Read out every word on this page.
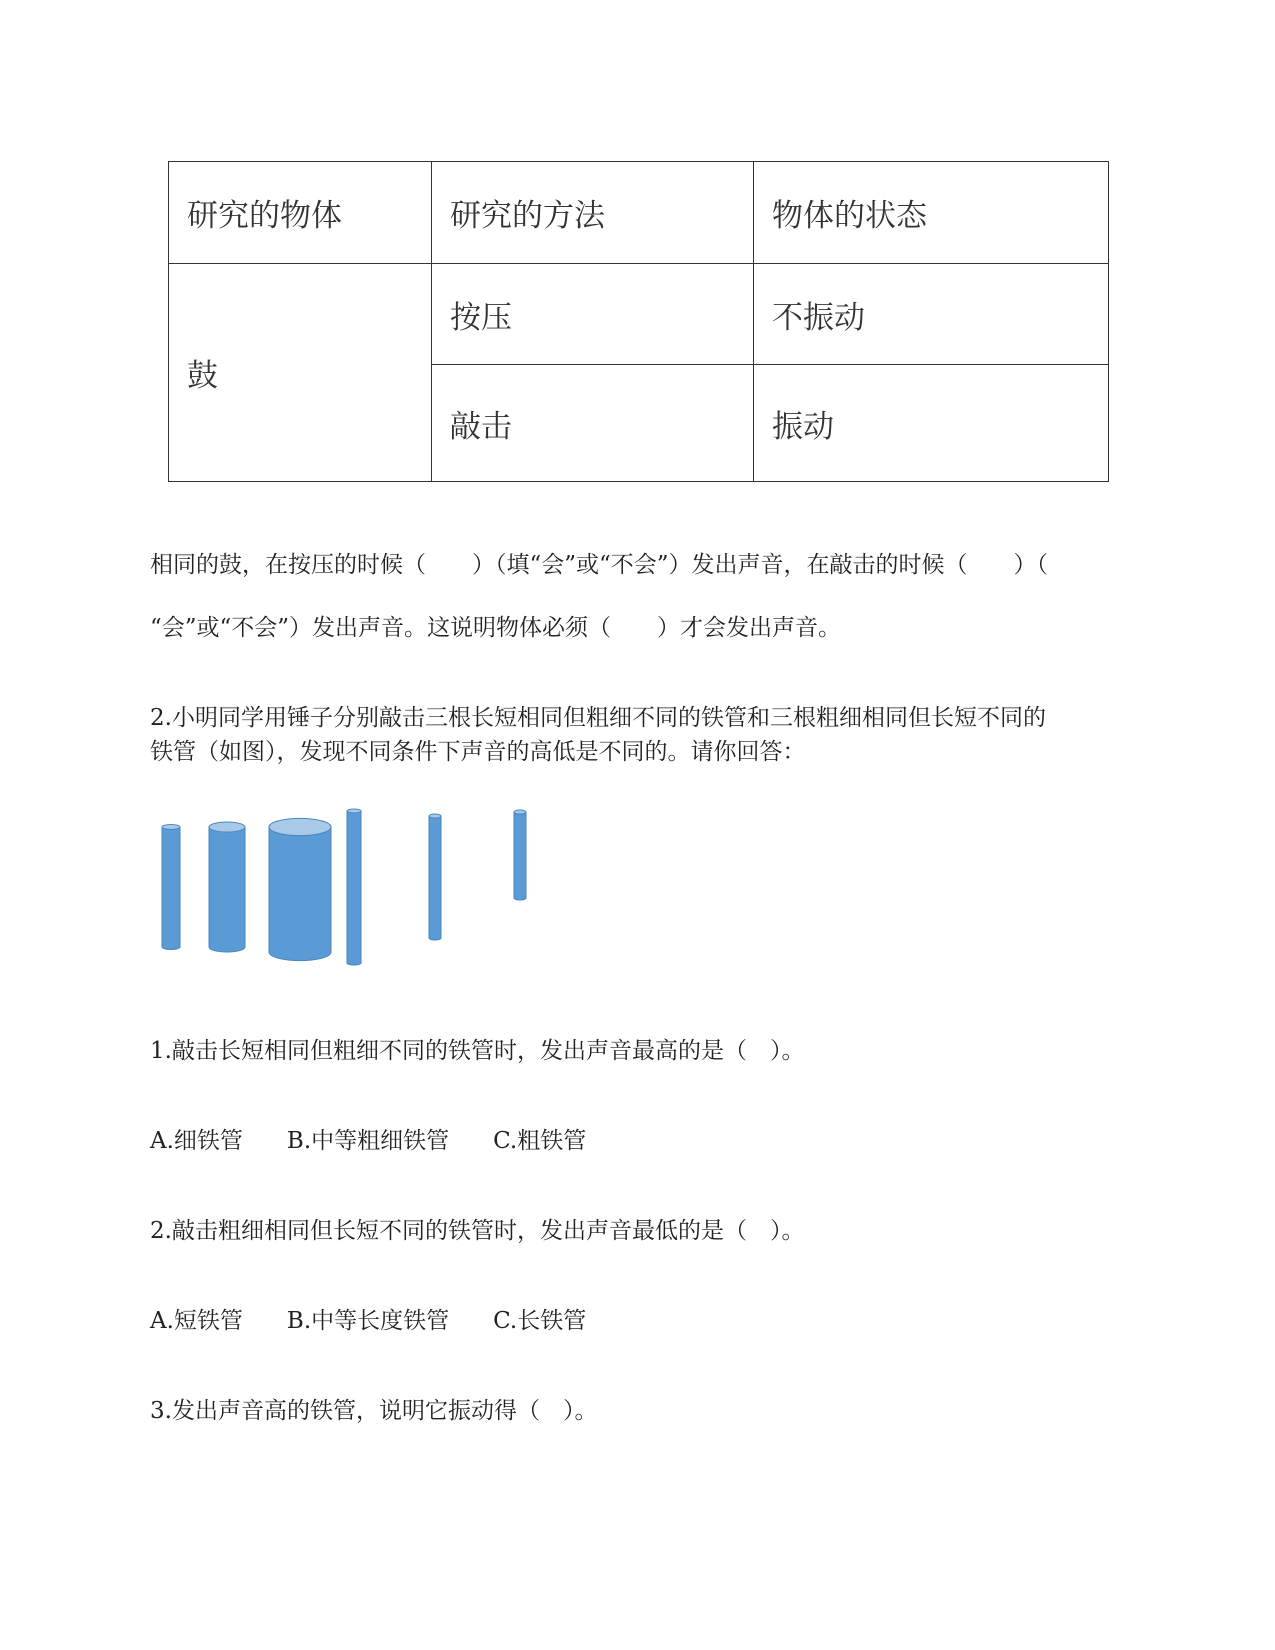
研究的物体	研究的方法	物体的状态
鼓	按压	不振动
	敲击	振动
相同的鼓，在按压的时候（　　）（填“会”或“不会”）发出声音，在敲击的时候（　　）（
“会”或“不会”）发出声音。这说明物体必须（　　）才会发出声音。
2.小明同学用锤子分别敲击三根长短相同但粗细不同的铁管和三根粗细相同但长短不同的
铁管（如图），发现不同条件下声音的高低是不同的。请你回答：
1.敲击长短相同但粗细不同的铁管时，发出声音最高的是（　）。
A.细铁管 B.中等粗细铁管 C.粗铁管
2.敲击粗细相同但长短不同的铁管时，发出声音最低的是（　）。
A.短铁管 B.中等长度铁管 C.长铁管
3.发出声音高的铁管，说明它振动得（　）。
